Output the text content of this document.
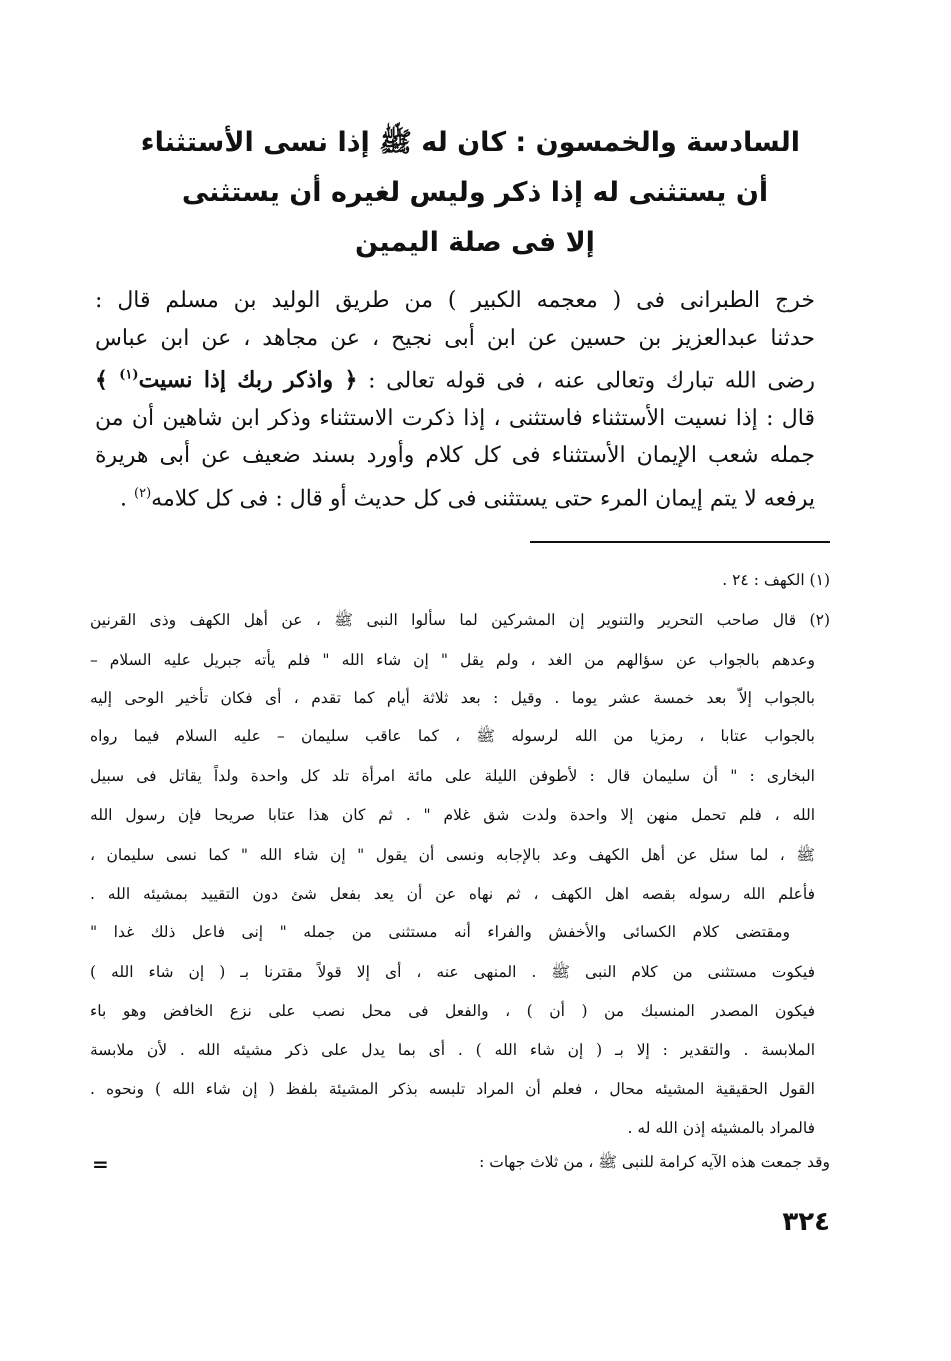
السادسة والخمسون : كان له ﷺ إذا نسى الأستثناء
أن يستثنى له إذا ذكر وليس لغيره أن يستثنى
إلا فى صلة اليمين
خرج الطبرانى فى ( معجمه الكبير ) من طريق الوليد بن مسلم قال :
حدثنا عبدالعزيز بن حسين عن ابن أبى نجيح ، عن مجاهد ، عن ابن عباس
رضى الله تبارك وتعالى عنه ، فى قوله تعالى : ﴿ واذكر ربك إذا نسيت$^{(١)}$ ﴾
قال : إذا نسيت الأستثناء فاستثنى ، إذا ذكرت الاستثناء وذكر ابن شاهين أن من
جمله شعب الإيمان الأستثناء فى كل كلام وأورد بسند ضعيف عن أبى هريرة
يرفعه لا يتم إيمان المرء حتى يستثنى فى كل حديث أو قال : فى كل كلامه$^{(٢)}$ .
(١) الكهف : ٢٤ .
(٢) قال صاحب التحرير والتنوير إن المشركين لما سألوا النبى ﷺ ، عن أهل الكهف وذى القرنين
وعدهم بالجواب عن سؤالهم من الغد ، ولم يقل " إن شاء الله " فلم يأته جبريل عليه السلام –
بالجواب إلاّ بعد خمسة عشر يوما . وقيل : بعد ثلاثة أيام كما تقدم ، أى فكان تأخير الوحى إليه
بالجواب عتابا ، رمزيا من الله لرسوله ﷺ ، كما عاقب سليمان – عليه السلام فيما رواه
البخارى : " أن سليمان قال : لأطوفن الليلة على مائة امرأة تلد كل واحدة ولداً يقاتل فى سبيل
الله ، فلم تحمل منهن إلا واحدة ولدت شق غلام " . ثم كان هذا عتابا صريحا فإن رسول الله
ﷺ ، لما سئل عن أهل الكهف وعد بالإجابه ونسى أن يقول " إن شاء الله " كما نسى سليمان ،
فأعلم الله رسوله بقصه اهل الكهف ، ثم نهاه عن أن يعد بفعل شئ دون التقييد بمشيئه الله .
ومقتضى كلام الكسائى والأخفش والفراء أنه مستثنى من جمله " إنى فاعل ذلك غدا "
فيكوت مستثنى من كلام النبى ﷺ . المنهى عنه ، أى إلا قولاً مقترنا بـ ( إن شاء الله )
فيكون المصدر المنسبك من ( أن ) ، والفعل فى محل نصب على نزع الخافض وهو باء
الملابسة . والتقدير : إلا بـ ( إن شاء الله ) . أى بما يدل على ذكر مشيئه الله . لأن ملابسة
القول الحقيقية المشيئه محال ، فعلم أن المراد تلبسه بذكر المشيئة بلفظ ( إن شاء الله ) ونحوه .
فالمراد بالمشيئه إذن الله له .
وقد جمعت هذه الآيه كرامة للنبى ﷺ ، من ثلاث جهات :
=
٣٢٤
